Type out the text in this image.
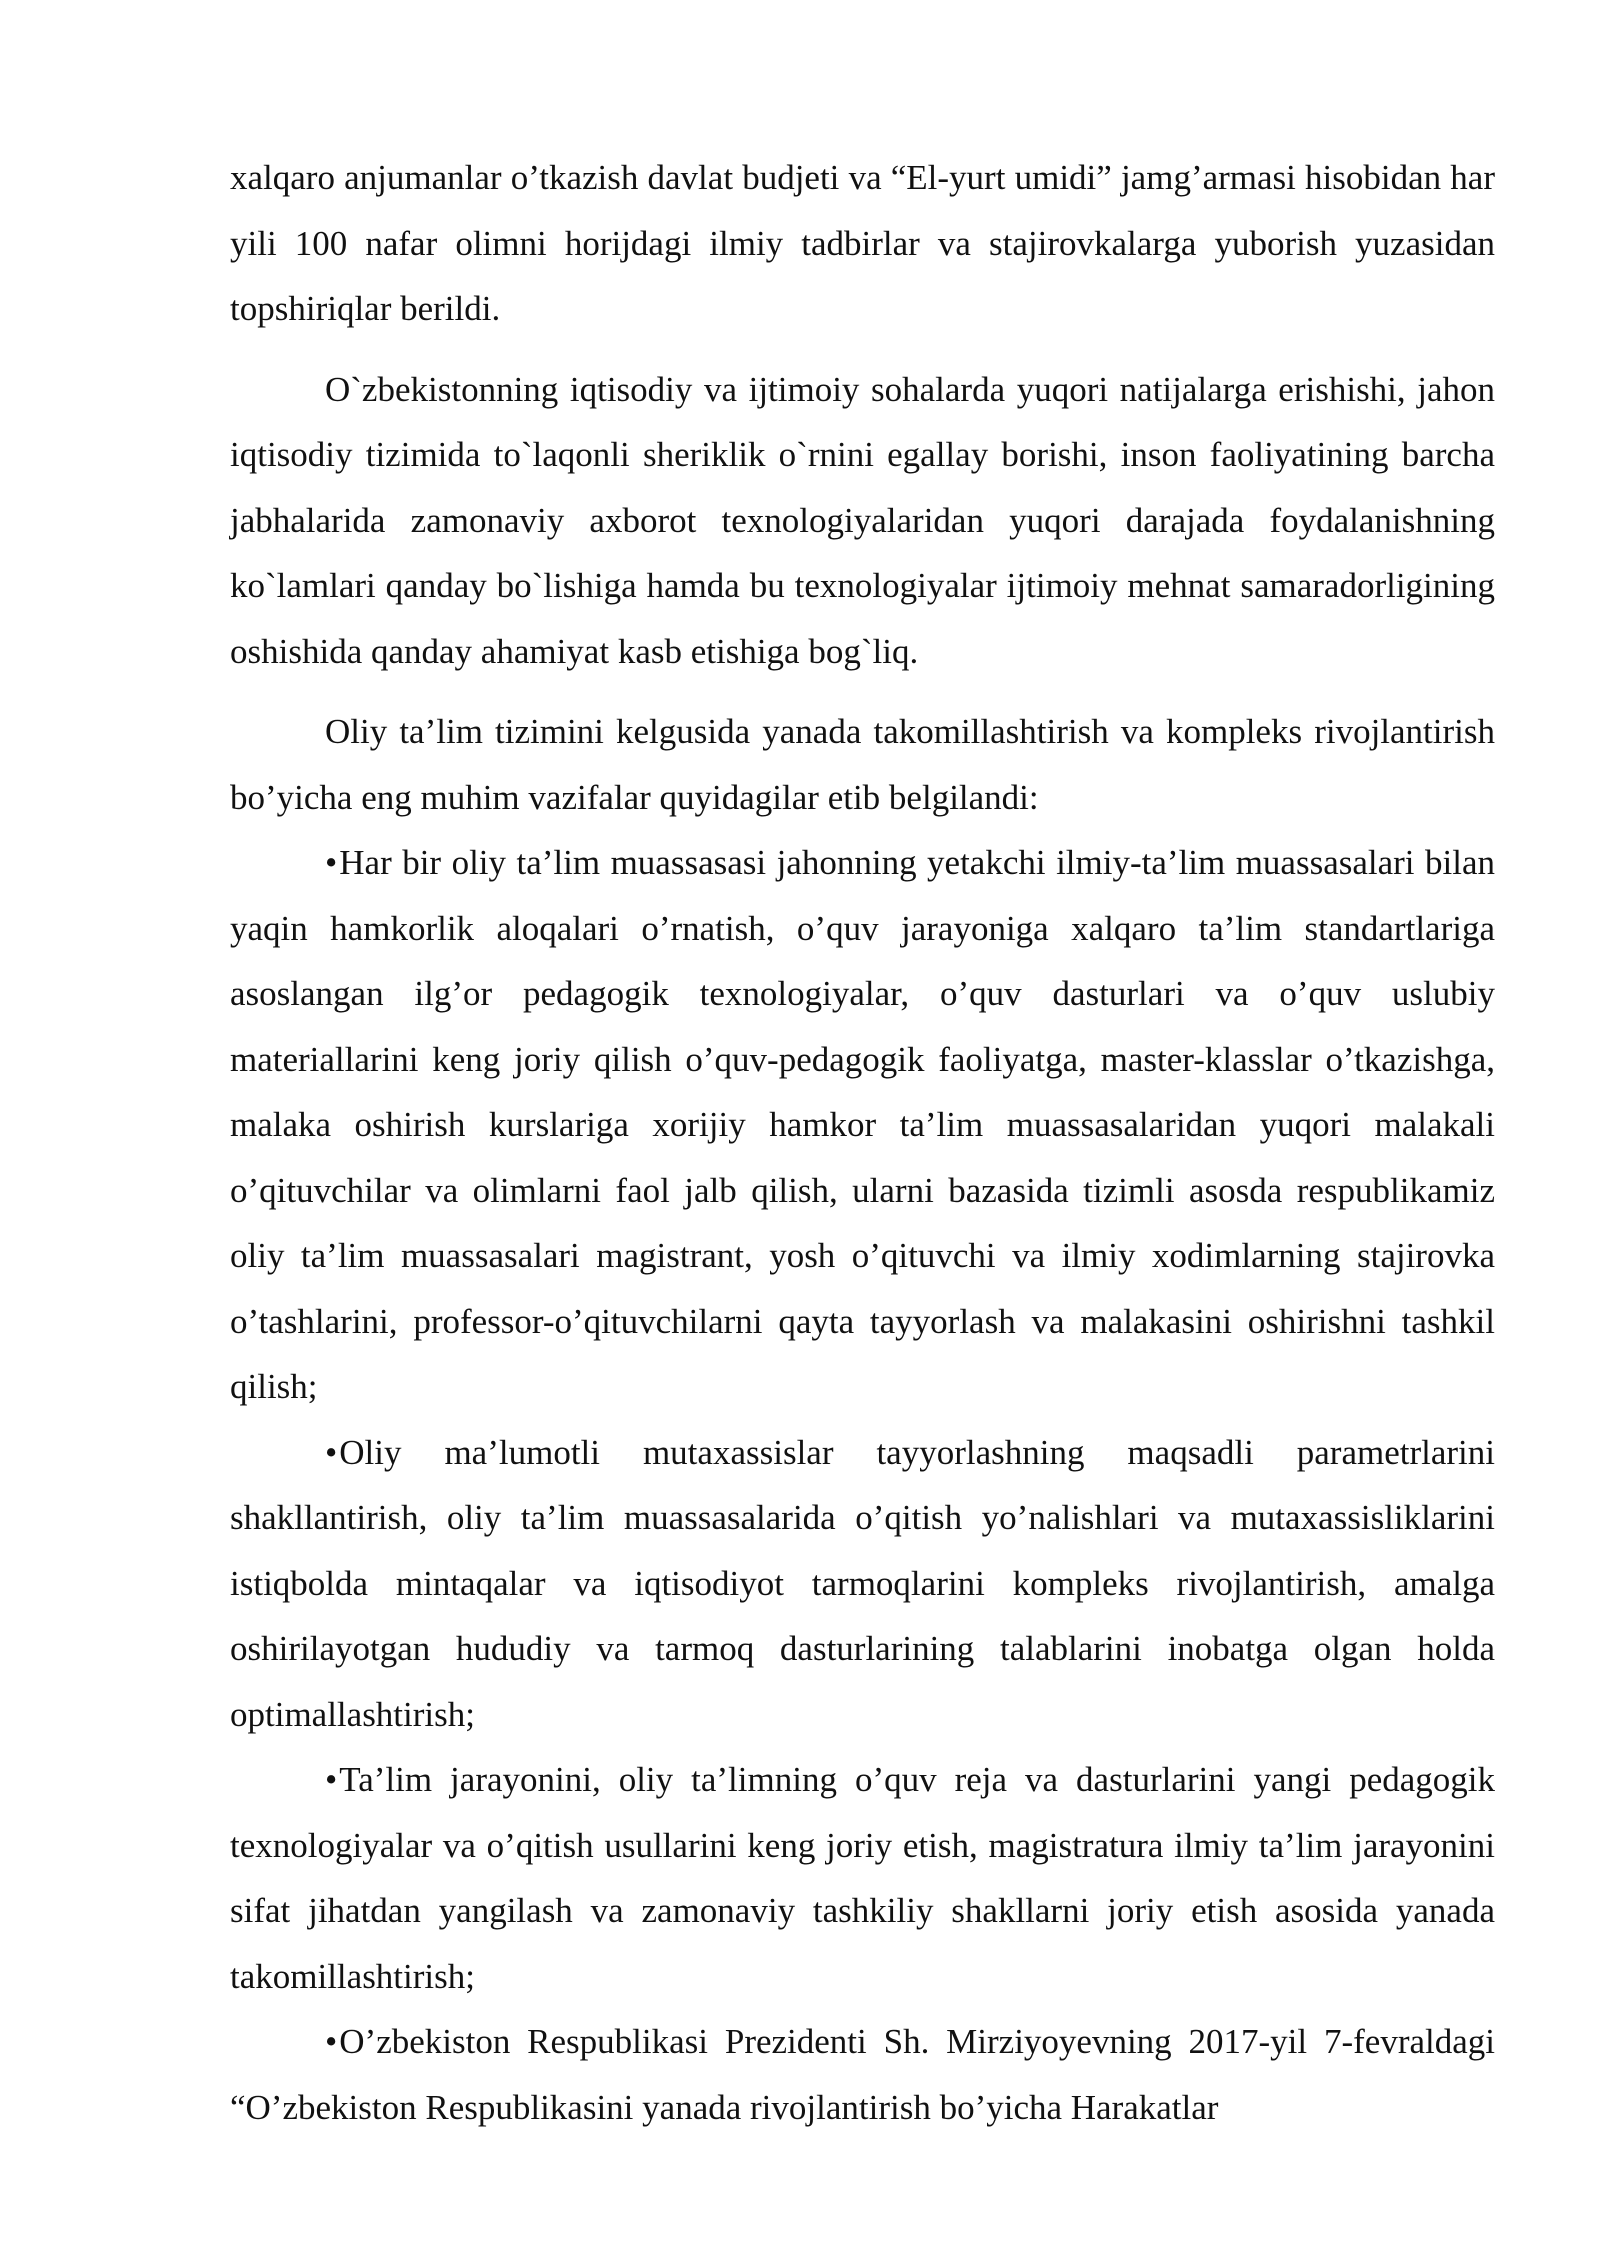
xalqaro anjumanlar o’tkazish davlat budjeti va “El-yurt umidi” jamg’armasi hisobidan har yili 100 nafar olimni horijdagi ilmiy tadbirlar va stajirovkalarga yuborish yuzasidan topshiriqlar berildi.

O`zbekistonning iqtisodiy va ijtimoiy sohalarda yuqori natijalarga erishishi, jahon iqtisodiy tizimida to`laqonli sheriklik o`rnini egallay borishi, inson faoliyatining barcha jabhalarida zamonaviy axborot texnologiyalaridan yuqori darajada foydalanishning ko`lamlari qanday bo`lishiga hamda bu texnologiyalar ijtimoiy mehnat samaradorligining oshishida qanday ahamiyat kasb etishiga bog`liq.

Oliy ta’lim tizimini kelgusida yanada takomillashtirish va kompleks rivojlantirish bo’yicha eng muhim vazifalar quyidagilar etib belgilandi:

•Har bir oliy ta’lim muassasasi jahonning yetakchi ilmiy-ta’lim muassasalari bilan yaqin hamkorlik aloqalari o’rnatish, o’quv jarayoniga xalqaro ta’lim standartlariga asoslangan ilg’or pedagogik texnologiyalar, o’quv dasturlari va o’quv uslubiy materiallarini keng joriy qilish o’quv-pedagogik faoliyatga, master-klasslar o’tkazishga, malaka oshirish kurslariga xorijiy hamkor ta’lim muassasalaridan yuqori malakali o’qituvchilar va olimlarni faol jalb qilish, ularni bazasida tizimli asosda respublikamiz oliy ta’lim muassasalari magistrant, yosh o’qituvchi va ilmiy xodimlarning stajirovka o’tashlarini, professor-o’qituvchilarni qayta tayyorlash va malakasini oshirishni tashkil qilish;

•Oliy ma’lumotli mutaxassislar tayyorlashning maqsadli parametrlarini shakllantirish, oliy ta’lim muassasalarida o’qitish yo’nalishlari va mutaxassisliklarini istiqbolda mintaqalar va iqtisodiyot tarmoqlarini kompleks rivojlantirish, amalga oshirilayotgan hududiy va tarmoq dasturlarining talablarini inobatga olgan holda optimallashtirish;

•Ta’lim jarayonini, oliy ta’limning o’quv reja va dasturlarini yangi pedagogik texnologiyalar va o’qitish usullarini keng joriy etish, magistratura ilmiy ta’lim jarayonini sifat jihatdan yangilash va zamonaviy tashkiliy shakllarni joriy etish asosida yanada takomillashtirish;

•O’zbekiston Respublikasi Prezidenti Sh. Mirziyoyevning 2017-yil 7-fevraldagi “O’zbekiston Respublikasini yanada rivojlantirish bo’yicha Harakatlar
